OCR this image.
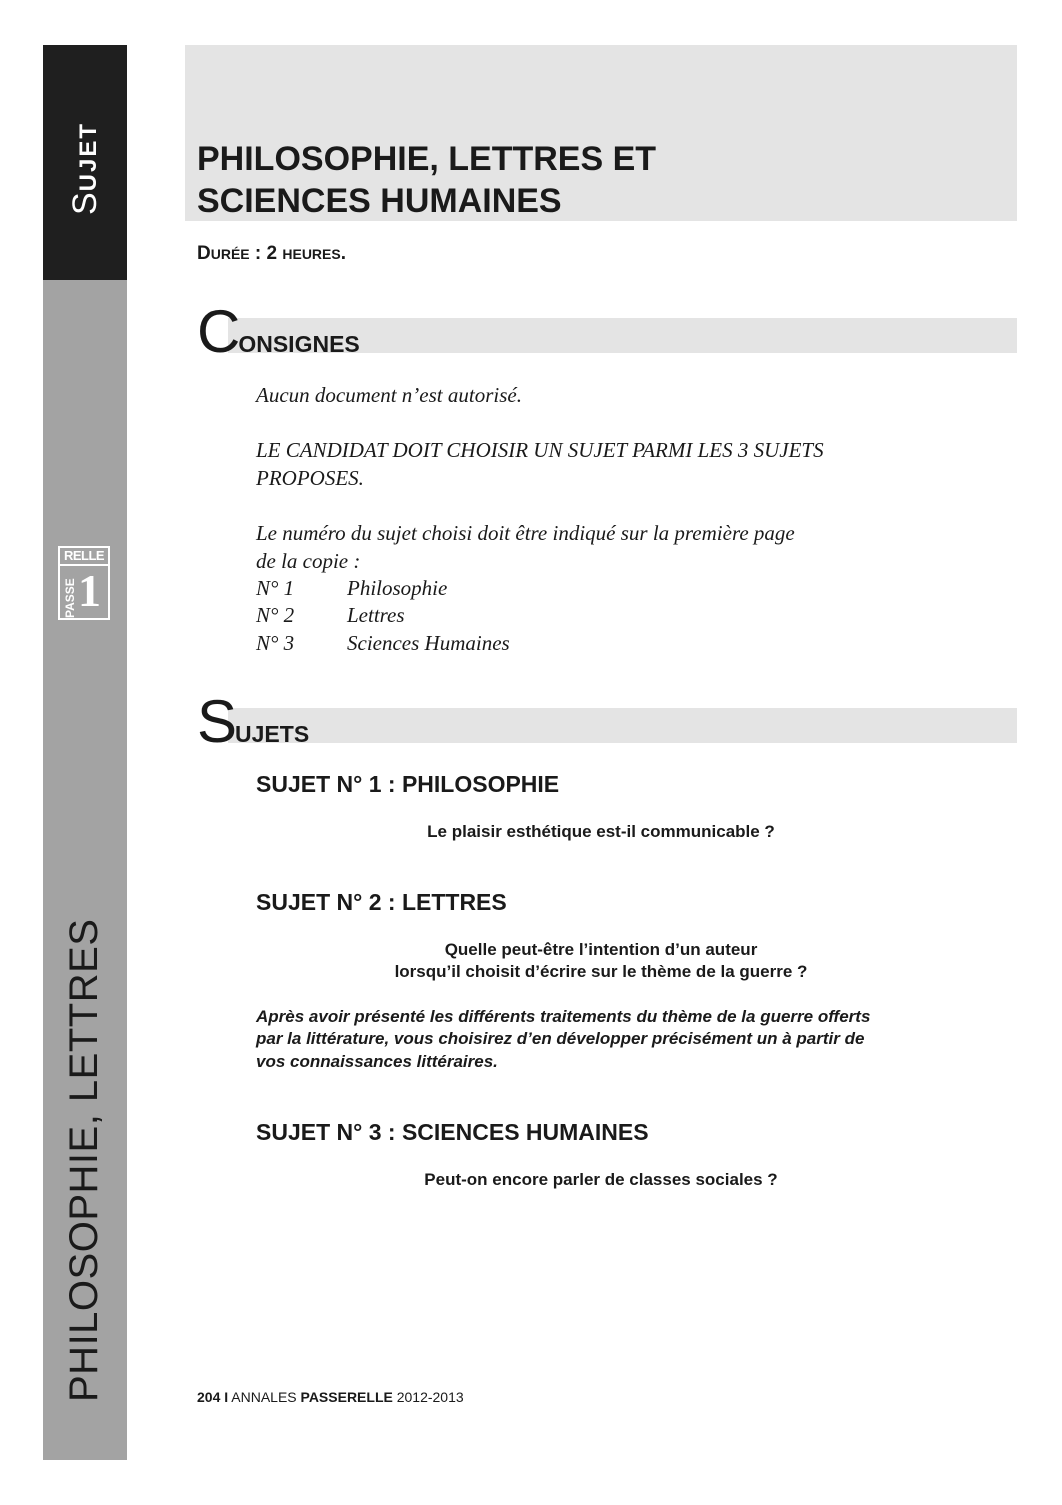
SUJET
RELLE
PASSE 1
PHILOSOPHIE, LETTRES
PHILOSOPHIE, LETTRES ET
SCIENCES HUMAINES
DURÉE : 2 HEURES.
CONSIGNES
Aucun document n’est autorisé.
LE CANDIDAT DOIT CHOISIR UN SUJET PARMI LES 3 SUJETS
PROPOSES.
Le numéro du sujet choisi doit être indiqué sur la première page
de la copie :
N° 1	Philosophie
N° 2	Lettres
N° 3	Sciences Humaines
SUJETS
SUJET N° 1 : PHILOSOPHIE
Le plaisir esthétique est-il communicable ?
SUJET N° 2 : LETTRES
Quelle peut-être l’intention d’un auteur
lorsqu’il choisit d’écrire sur le thème de la guerre ?
Après avoir présenté les différents traitements du thème de la guerre offerts
par la littérature, vous choisirez d’en développer précisément un à partir de
vos connaissances littéraires.
SUJET N° 3 : SCIENCES HUMAINES
Peut-on encore parler de classes sociales ?
204 I ANNALES PASSERELLE 2012-2013
